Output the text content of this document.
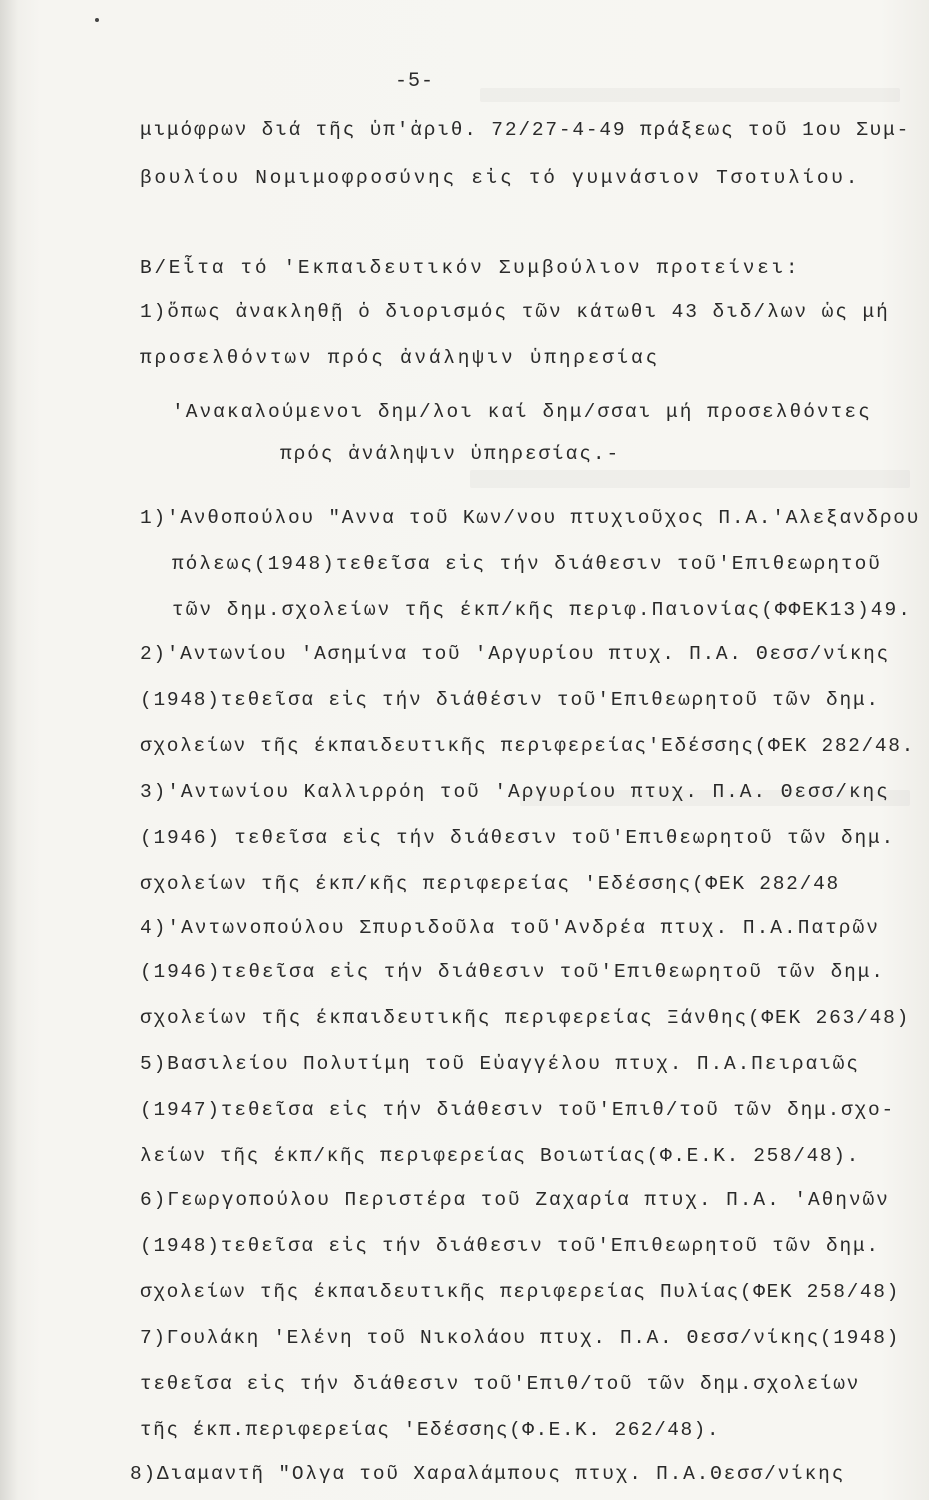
-5-
μιμόφρων διά τῆς ὑπ'ἀριθ. 72/27-4-49 πράξεως τοῦ 1ου Συμ-
βουλίου Νομιμοφροσύνης εἰς τό γυμνάσιον Τσοτυλίου.
Β/Εἶτα τό 'Εκπαιδευτικόν Συμβούλιον προτείνει:
1)ὅπως ἀνακληθῇ ὁ διορισμός τῶν κάτωθι 43 διδ/λων ὡς μή
προσελθόντων πρός ἀνάληψιν ὑπηρεσίας
'Ανακαλούμενοι δημ/λοι καί δημ/σσαι μή προσελθόντες
πρός ἀνάληψιν ὑπηρεσίας.-
1)'Ανθοπούλου "Αννα τοῦ Κων/νου πτυχιοῦχος Π.Α.'Αλεξανδρου
πόλεως(1948)τεθεῖσα εἰς τήν διάθεσιν τοῦ'Επιθεωρητοῦ
τῶν δημ.σχολείων τῆς έκπ/κῆς περιφ.Παιονίας(ΦΦΕΚ13)49.
2)'Αντωνίου 'Ασημίνα τοῦ 'Αργυρίου πτυχ. Π.Α. Θεσσ/νίκης
(1948)τεθεῖσα εἰς τήν διάθέσιν τοῦ'Επιθεωρητοῦ τῶν δημ.
σχολείων τῆς έκπαιδευτικῆς περιφερείας'Εδέσσης(ΦΕΚ 282/48.
3)'Αντωνίου Καλλιρρόη τοῦ 'Αργυρίου πτυχ. Π.Α. Θεσσ/κης
(1946) τεθεῖσα εἰς τήν διάθεσιν τοῦ'Επιθεωρητοῦ τῶν δημ.
σχολείων τῆς έκπ/κῆς περιφερείας 'Εδέσσης(ΦΕΚ 282/48
4)'Αντωνοπούλου Σπυριδοῦλα τοῦ'Ανδρέα πτυχ. Π.Α.Πατρῶν
(1946)τεθεῖσα εἰς τήν διάθεσιν τοῦ'Επιθεωρητοῦ τῶν δημ.
σχολείων τῆς έκπαιδευτικῆς περιφερείας Ξάνθης(ΦΕΚ 263/48)
5)Βασιλείου Πολυτίμη τοῦ Εὐαγγέλου πτυχ. Π.Α.Πειραιῶς
(1947)τεθεῖσα εἰς τήν διάθεσιν τοῦ'Επιθ/τοῦ τῶν δημ.σχο-
λείων τῆς έκπ/κῆς περιφερείας Βοιωτίας(Φ.Ε.Κ. 258/48).
6)Γεωργοπούλου Περιστέρα τοῦ Ζαχαρία πτυχ. Π.Α. 'Αθηνῶν
(1948)τεθεῖσα εἰς τήν διάθεσιν τοῦ'Επιθεωρητοῦ τῶν δημ.
σχολείων τῆς έκπαιδευτικῆς περιφερείας Πυλίας(ΦΕΚ 258/48)
7)Γουλάκη 'Ελένη τοῦ Νικολάου πτυχ. Π.Α. Θεσσ/νίκης(1948)
τεθεῖσα εἰς τήν διάθεσιν τοῦ'Επιθ/τοῦ τῶν δημ.σχολείων
τῆς έκπ.περιφερείας 'Εδέσσης(Φ.Ε.Κ. 262/48).
8)Διαμαντῆ "Ολγα τοῦ Χαραλάμπους πτυχ. Π.Α.Θεσσ/νίκης
